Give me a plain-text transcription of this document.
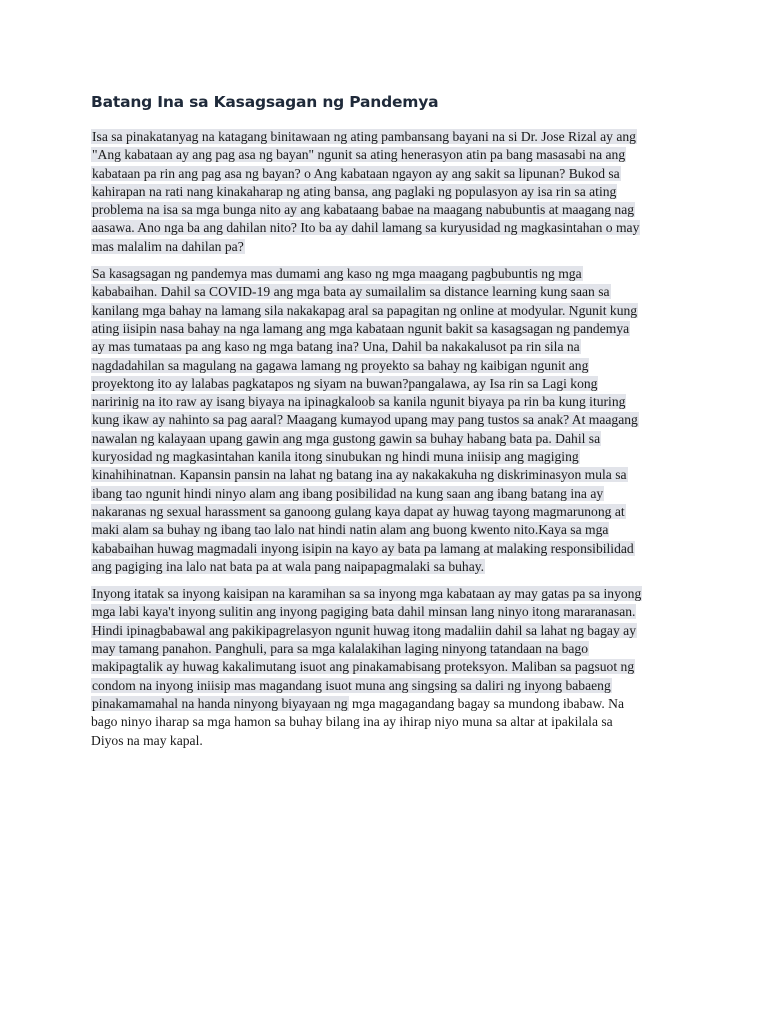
Batang Ina sa Kasagsagan ng Pandemya

Isa sa pinakatanyag na katagang binitawaan ng ating pambansang bayani na si Dr. Jose Rizal ay ang
"Ang kabataan ay ang pag asa ng bayan" ngunit sa ating henerasyon atin pa bang masasabi na ang
kabataan pa rin ang pag asa ng bayan? o Ang kabataan ngayon ay ang sakit sa lipunan? Bukod sa
kahirapan na rati nang kinakaharap ng ating bansa, ang paglaki ng populasyon ay isa rin sa ating
problema na isa sa mga bunga nito ay ang kabataang babae na maagang nabubuntis at maagang nag
aasawa. Ano nga ba ang dahilan nito? Ito ba ay dahil lamang sa kuryusidad ng magkasintahan o may
mas malalim na dahilan pa?

Sa kasagsagan ng pandemya mas dumami ang kaso ng mga maagang pagbubuntis ng mga
kababaihan. Dahil sa COVID-19 ang mga bata ay sumailalim sa distance learning kung saan sa
kanilang mga bahay na lamang sila nakakapag aral sa papagitan ng online at modyular. Ngunit kung
ating iisipin nasa bahay na nga lamang ang mga kabataan ngunit bakit sa kasagsagan ng pandemya
ay mas tumataas pa ang kaso ng mga batang ina? Una, Dahil ba nakakalusot pa rin sila na
nagdadahilan sa magulang na gagawa lamang ng proyekto sa bahay ng kaibigan ngunit ang
proyektong ito ay lalabas pagkatapos ng siyam na buwan?pangalawa, ay Isa rin sa Lagi kong
naririnig na ito raw ay isang biyaya na ipinagkaloob sa kanila ngunit biyaya pa rin ba kung ituring
kung ikaw ay nahinto sa pag aaral? Maagang kumayod upang may pang tustos sa anak? At maagang
nawalan ng kalayaan upang gawin ang mga gustong gawin sa buhay habang bata pa. Dahil sa
kuryosidad ng magkasintahan kanila itong sinubukan ng hindi muna iniisip ang magiging
kinahihinatnan. Kapansin pansin na lahat ng batang ina ay nakakakuha ng diskriminasyon mula sa
ibang tao ngunit hindi ninyo alam ang ibang posibilidad na kung saan ang ibang batang ina ay
nakaranas ng sexual harassment sa ganoong gulang kaya dapat ay huwag tayong magmarunong at
maki alam sa buhay ng ibang tao lalo nat hindi natin alam ang buong kwento nito.Kaya sa mga
kababaihan huwag magmadali inyong isipin na kayo ay bata pa lamang at malaking responsibilidad
ang pagiging ina lalo nat bata pa at wala pang naipapagmalaki sa buhay.

Inyong itatak sa inyong kaisipan na karamihan sa sa inyong mga kabataan ay may gatas pa sa inyong
mga labi kaya't inyong sulitin ang inyong pagiging bata dahil minsan lang ninyo itong mararanasan.
Hindi ipinagbabawal ang pakikipagrelasyon ngunit huwag itong madaliin dahil sa lahat ng bagay ay
may tamang panahon. Panghuli, para sa mga kalalakihan laging ninyong tatandaan na bago
makipagtalik ay huwag kakalimutang isuot ang pinakamabisang proteksyon. Maliban sa pagsuot ng
condom na inyong iniisip mas magandang isuot muna ang singsing sa daliri ng inyong babaeng
pinakamamahal na handa ninyong biyayaan ng mga magagandang bagay sa mundong ibabaw. Na
bago ninyo iharap sa mga hamon sa buhay bilang ina ay ihirap niyo muna sa altar at ipakilala sa
Diyos na may kapal.
